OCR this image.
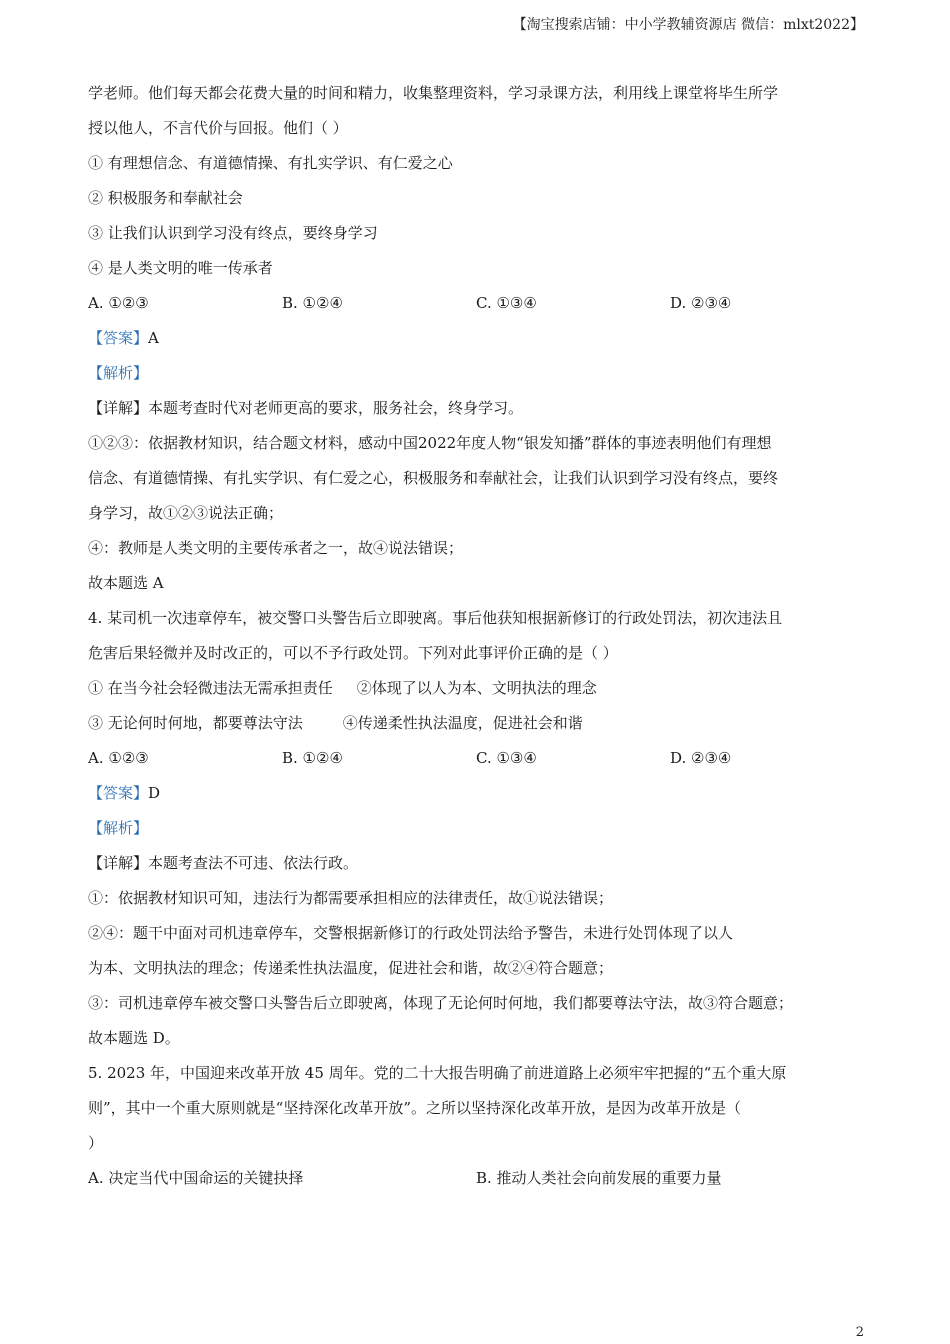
【淘宝搜索店铺：中小学教辅资源店 微信：mlxt2022】
学老师。他们每天都会花费大量的时间和精力，收集整理资料，学习录课方法，利用线上课堂将毕生所学
授以他人，不言代价与回报。他们（ ）
① 有理想信念、有道德情操、有扎实学识、有仁爱之心
② 积极服务和奉献社会
③ 让我们认识到学习没有终点，要终身学习
④ 是人类文明的唯一传承者
A. ①②③	B. ①②④	C. ①③④	D. ②③④
【答案】A
【解析】
【详解】本题考查时代对老师更高的要求，服务社会，终身学习。
①②③：依据教材知识，结合题文材料，感动中国2022年度人物“银发知播”群体的事迹表明他们有理想
信念、有道德情操、有扎实学识、有仁爱之心，积极服务和奉献社会，让我们认识到学习没有终点，要终
身学习，故①②③说法正确；
④：教师是人类文明的主要传承者之一，故④说法错误；
故本题选 A
4. 某司机一次违章停车，被交警口头警告后立即驶离。事后他获知根据新修订的行政处罚法，初次违法且
危害后果轻微并及时改正的，可以不予行政处罚。下列对此事评价正确的是（ ）
① 在当今社会轻微违法无需承担责任 ②体现了以人为本、文明执法的理念
③ 无论何时何地，都要尊法守法	④传递柔性执法温度，促进社会和谐
A. ①②③	B. ①②④	C. ①③④	D. ②③④
【答案】D
【解析】
【详解】本题考查法不可违、依法行政。
①：依据教材知识可知，违法行为都需要承担相应的法律责任，故①说法错误；
②④：题干中面对司机违章停车，交警根据新修订的行政处罚法给予警告，未进行处罚体现了以人
为本、文明执法的理念；传递柔性执法温度，促进社会和谐，故②④符合题意；
③：司机违章停车被交警口头警告后立即驶离，体现了无论何时何地，我们都要尊法守法，故③符合题意；
故本题选 D。
5. 2023 年，中国迎来改革开放 45 周年。党的二十大报告明确了前进道路上必须牢牢把握的“五个重大原
则”，其中一个重大原则就是“坚持深化改革开放”。之所以坚持深化改革开放，是因为改革开放是（
）
A. 决定当代中国命运的关键抉择	B. 推动人类社会向前发展的重要力量
2
